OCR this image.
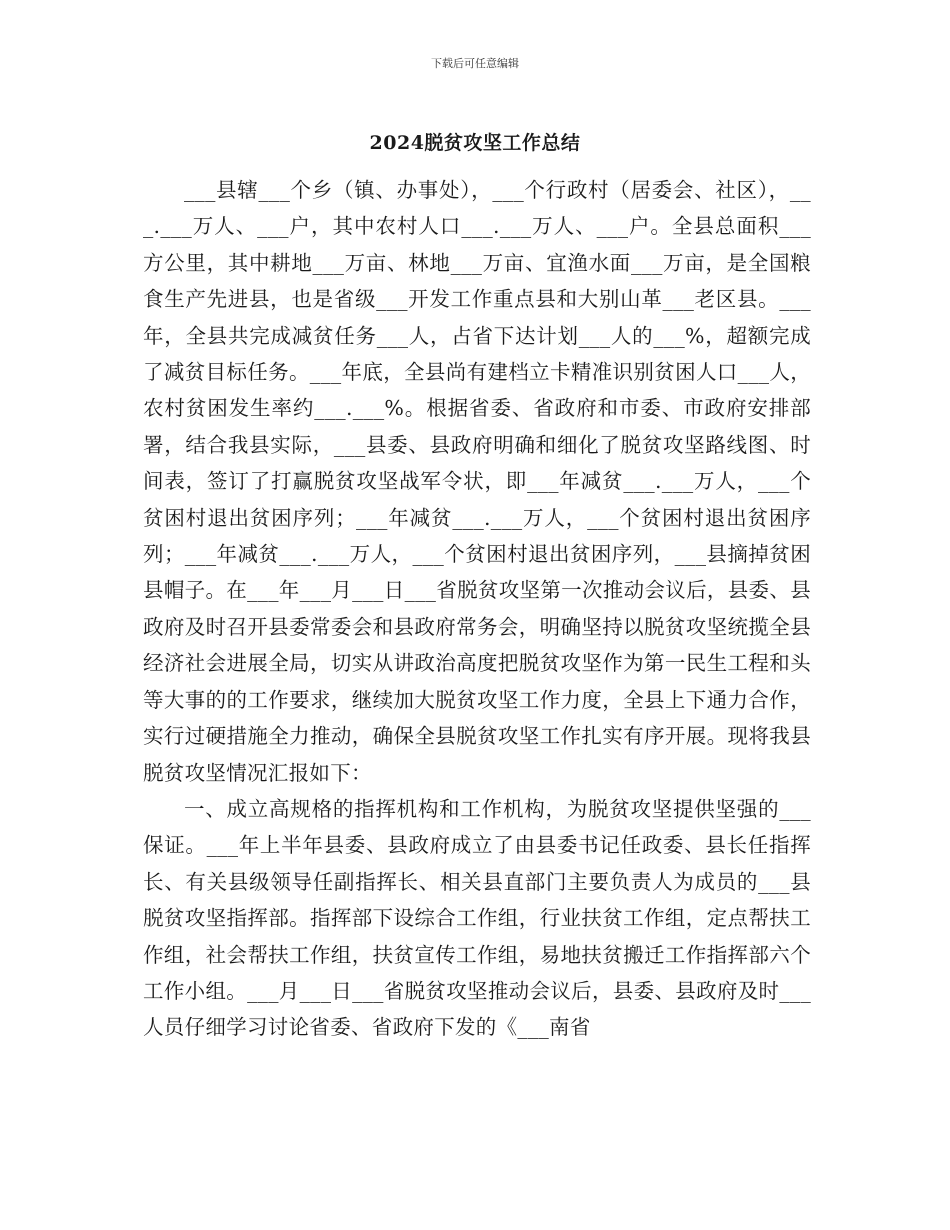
下载后可任意编辑
2024脱贫攻坚工作总结

___县辖___个乡（镇、办事处），___个行政村（居委会、社区），___.___万人、___户，其中农村人口___.___万人、___户。全县总面积___方公里，其中耕地___万亩、林地___万亩、宜渔水面___万亩，是全国粮食生产先进县，也是省级___开发工作重点县和大别山革___老区县。___年，全县共完成减贫任务___人，占省下达计划___人的___%，超额完成了减贫目标任务。___年底，全县尚有建档立卡精准识别贫困人口___人，农村贫困发生率约___.___%。根据省委、省政府和市委、市政府安排部署，结合我县实际，___县委、县政府明确和细化了脱贫攻坚路线图、时间表，签订了打赢脱贫攻坚战军令状，即___年减贫___.___万人，___个贫困村退出贫困序列；___年减贫___.___万人，___个贫困村退出贫困序列；___年减贫___.___万人，___个贫困村退出贫困序列，___县摘掉贫困县帽子。在___年___月___日___省脱贫攻坚第一次推动会议后，县委、县政府及时召开县委常委会和县政府常务会，明确坚持以脱贫攻坚统揽全县经济社会进展全局，切实从讲政治高度把脱贫攻坚作为第一民生工程和头等大事的的工作要求，继续加大脱贫攻坚工作力度，全县上下通力合作，实行过硬措施全力推动，确保全县脱贫攻坚工作扎实有序开展。现将我县脱贫攻坚情况汇报如下：

一、成立高规格的指挥机构和工作机构，为脱贫攻坚提供坚强的___保证。___年上半年县委、县政府成立了由县委书记任政委、县长任指挥长、有关县级领导任副指挥长、相关县直部门主要负责人为成员的___县脱贫攻坚指挥部。指挥部下设综合工作组，行业扶贫工作组，定点帮扶工作组，社会帮扶工作组，扶贫宣传工作组，易地扶贫搬迁工作指挥部六个工作小组。___月___日___省脱贫攻坚推动会议后，县委、县政府及时___人员仔细学习讨论省委、省政府下发的《___南省
